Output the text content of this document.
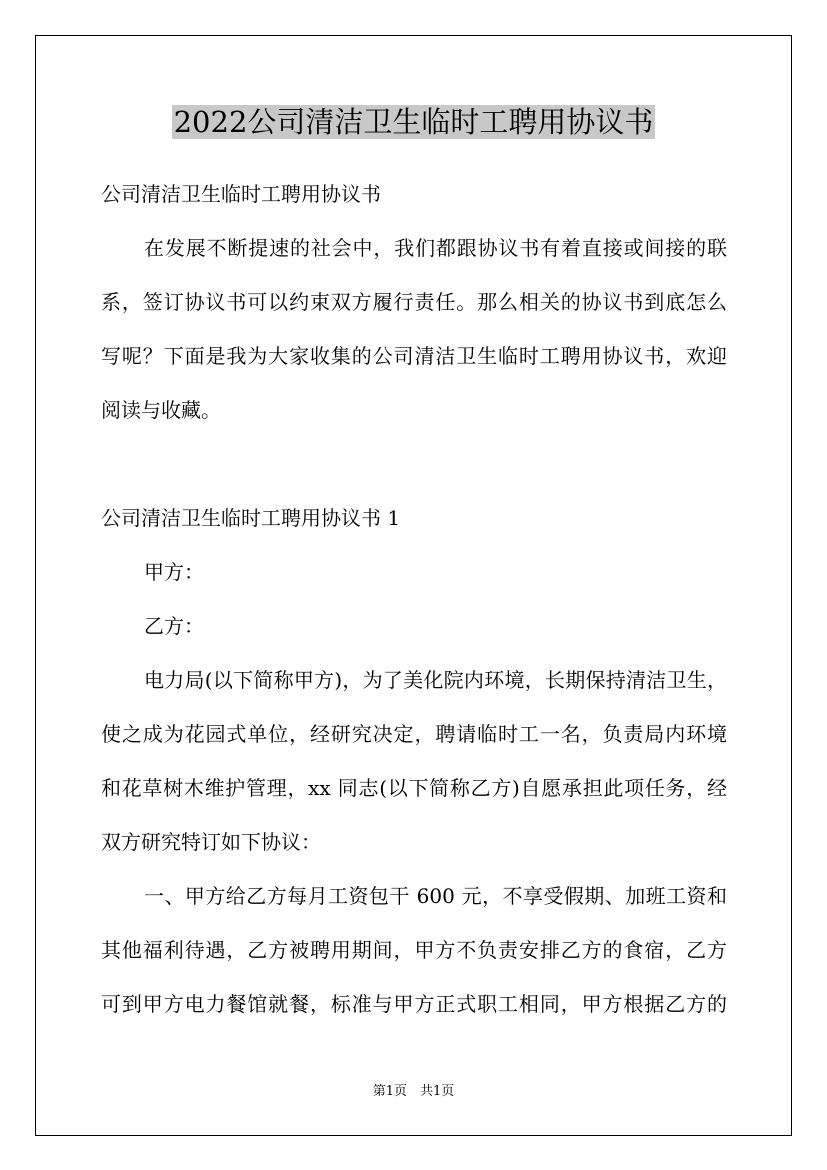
2022公司清洁卫生临时工聘用协议书

公司清洁卫生临时工聘用协议书

在发展不断提速的社会中，我们都跟协议书有着直接或间接的联

系，签订协议书可以约束双方履行责任。那么相关的协议书到底怎么

写呢？下面是我为大家收集的公司清洁卫生临时工聘用协议书，欢迎

阅读与收藏。

公司清洁卫生临时工聘用协议书 1

甲方：

乙方：

电力局(以下简称甲方)，为了美化院内环境，长期保持清洁卫生，

使之成为花园式单位，经研究决定，聘请临时工一名，负责局内环境

和花草树木维护管理，xx 同志(以下简称乙方)自愿承担此项任务，经

双方研究特订如下协议：

一、甲方给乙方每月工资包干 600 元，不享受假期、加班工资和

其他福利待遇，乙方被聘用期间，甲方不负责安排乙方的食宿，乙方

可到甲方电力餐馆就餐，标准与甲方正式职工相同，甲方根据乙方的

第1页　共1页
